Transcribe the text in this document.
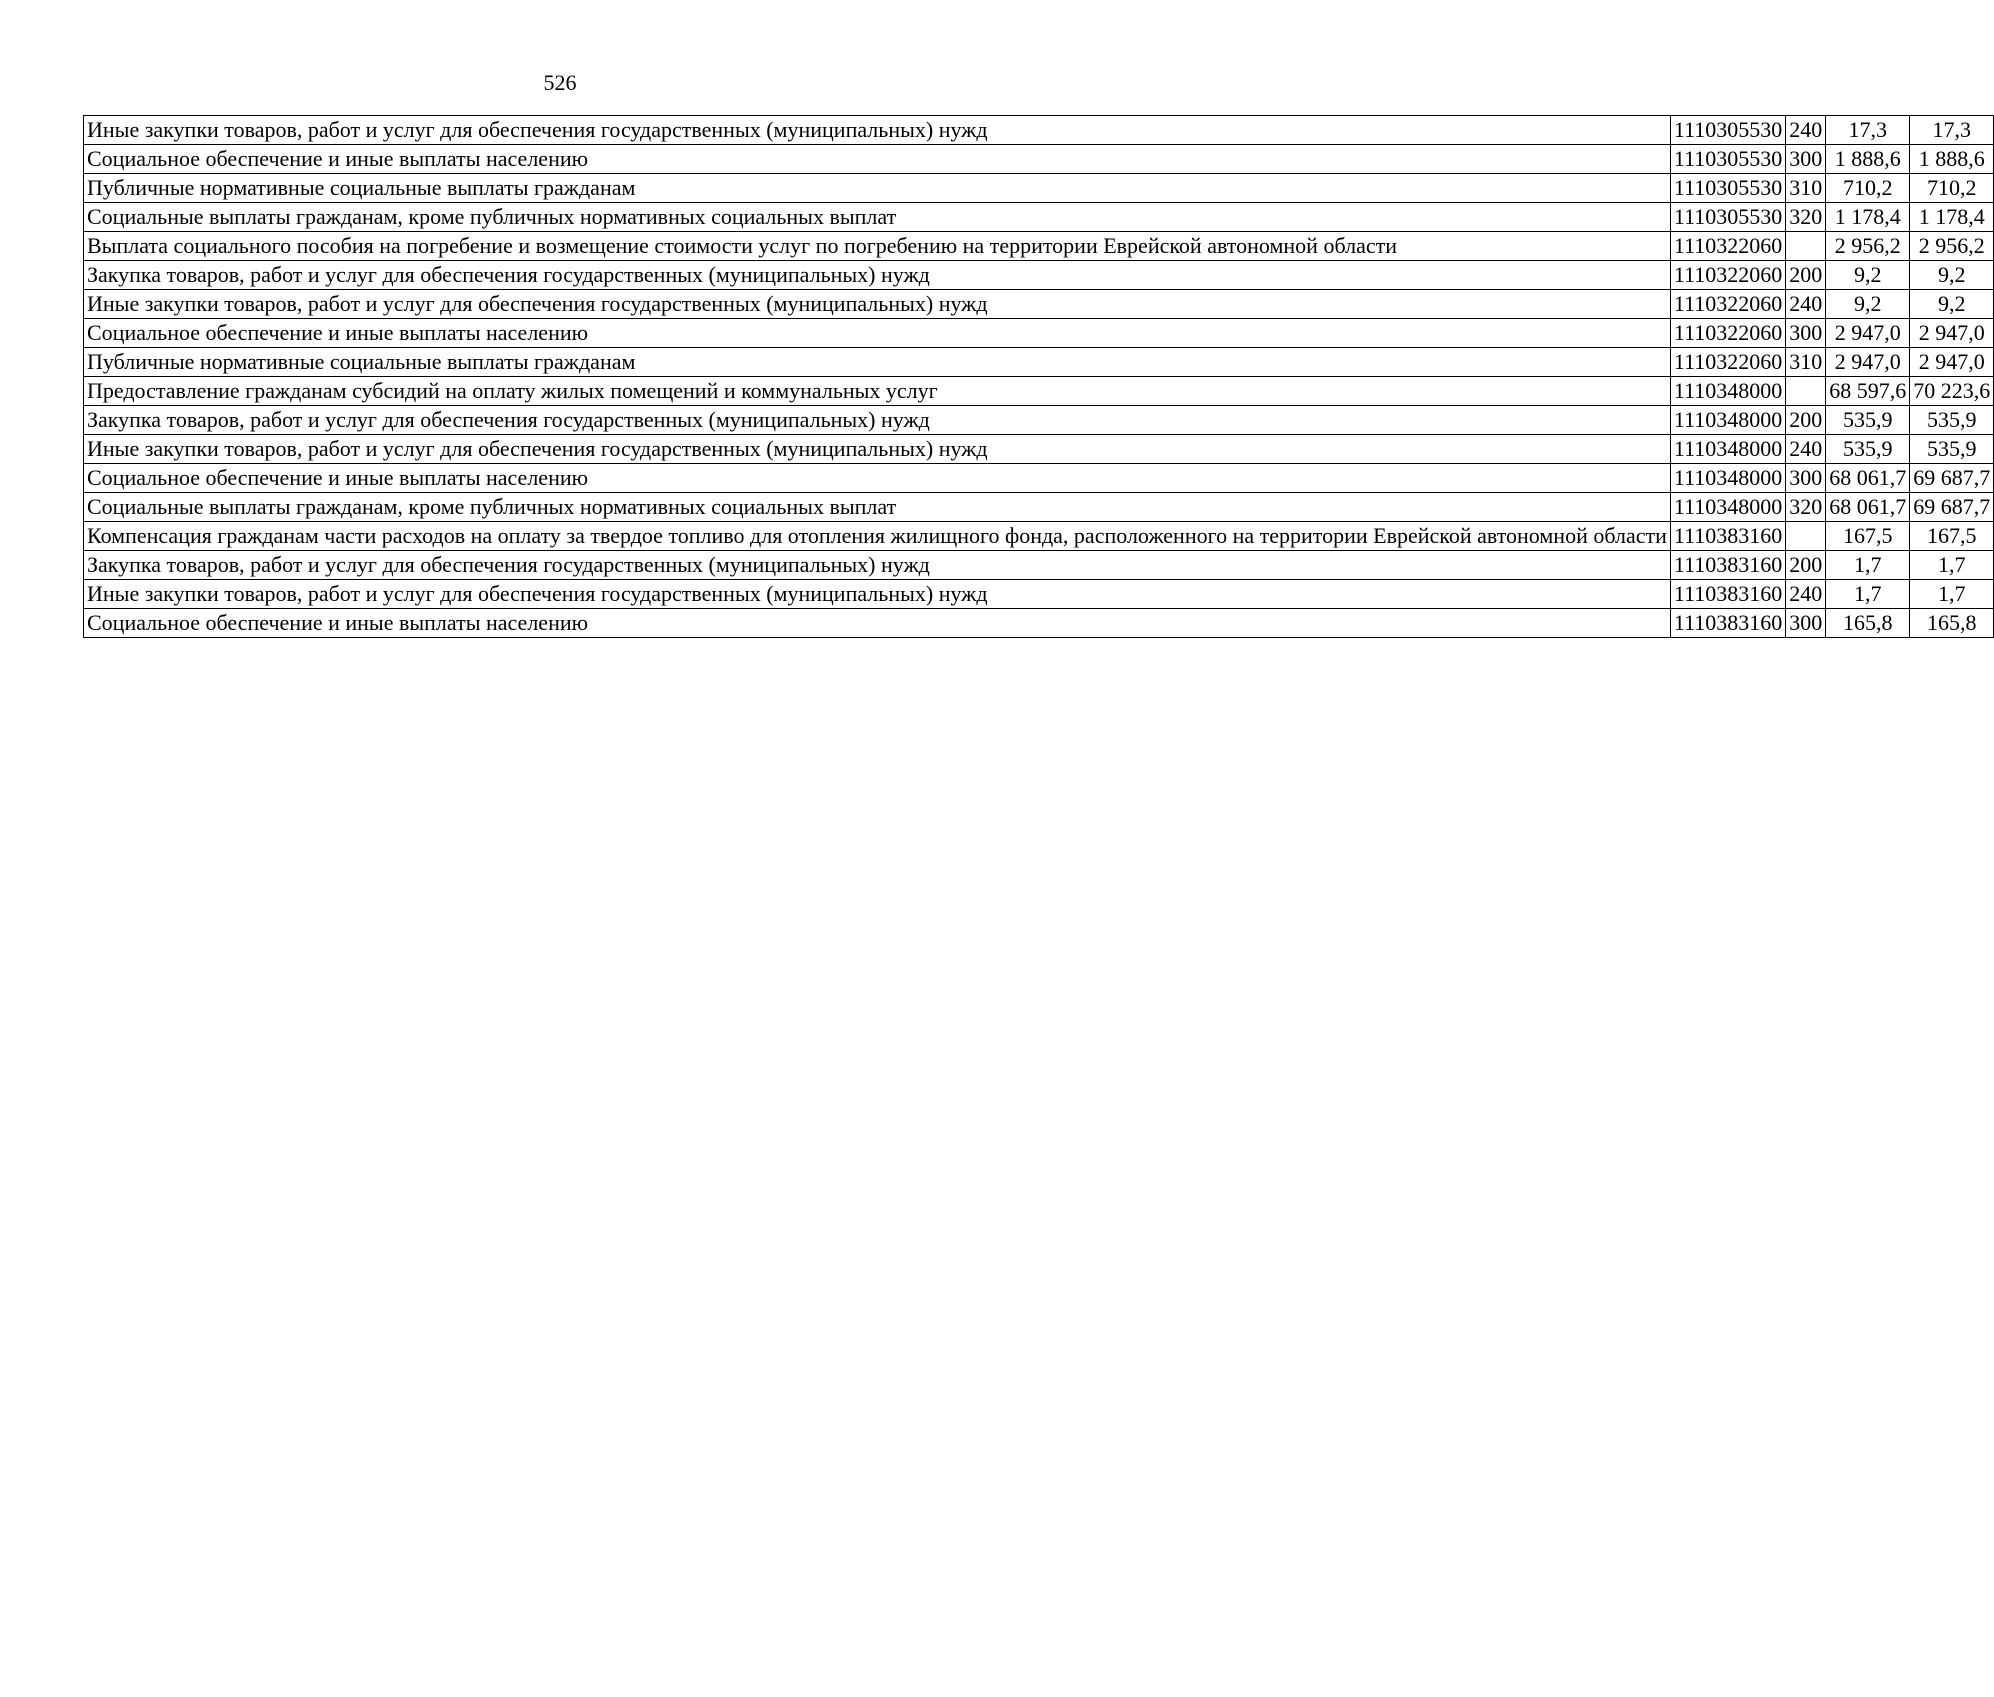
526
Иные закупки товаров, работ и услуг для обеспечения государственных (муниципальных) нужд	1110305530	240	17,3	17,3
Социальное обеспечение и иные выплаты населению	1110305530	300	1 888,6	1 888,6
Публичные нормативные социальные выплаты гражданам	1110305530	310	710,2	710,2
Социальные выплаты гражданам, кроме публичных нормативных социальных выплат	1110305530	320	1 178,4	1 178,4
Выплата социального пособия на погребение и возмещение стоимости услуг по погребению на территории Еврейской автономной области	1110322060		2 956,2	2 956,2
Закупка товаров, работ и услуг для обеспечения государственных (муниципальных) нужд	1110322060	200	9,2	9,2
Иные закупки товаров, работ и услуг для обеспечения государственных (муниципальных) нужд	1110322060	240	9,2	9,2
Социальное обеспечение и иные выплаты населению	1110322060	300	2 947,0	2 947,0
Публичные нормативные социальные выплаты гражданам	1110322060	310	2 947,0	2 947,0
Предоставление гражданам субсидий на оплату жилых помещений и коммунальных услуг	1110348000		68 597,6	70 223,6
Закупка товаров, работ и услуг для обеспечения государственных (муниципальных) нужд	1110348000	200	535,9	535,9
Иные закупки товаров, работ и услуг для обеспечения государственных (муниципальных) нужд	1110348000	240	535,9	535,9
Социальное обеспечение и иные выплаты населению	1110348000	300	68 061,7	69 687,7
Социальные выплаты гражданам, кроме публичных нормативных социальных выплат	1110348000	320	68 061,7	69 687,7
Компенсация гражданам части расходов на оплату за твердое топливо для отопления жилищного фонда, расположенного на территории Еврейской автономной области	1110383160		167,5	167,5
Закупка товаров, работ и услуг для обеспечения государственных (муниципальных) нужд	1110383160	200	1,7	1,7
Иные закупки товаров, работ и услуг для обеспечения государственных (муниципальных) нужд	1110383160	240	1,7	1,7
Социальное обеспечение и иные выплаты населению	1110383160	300	165,8	165,8
